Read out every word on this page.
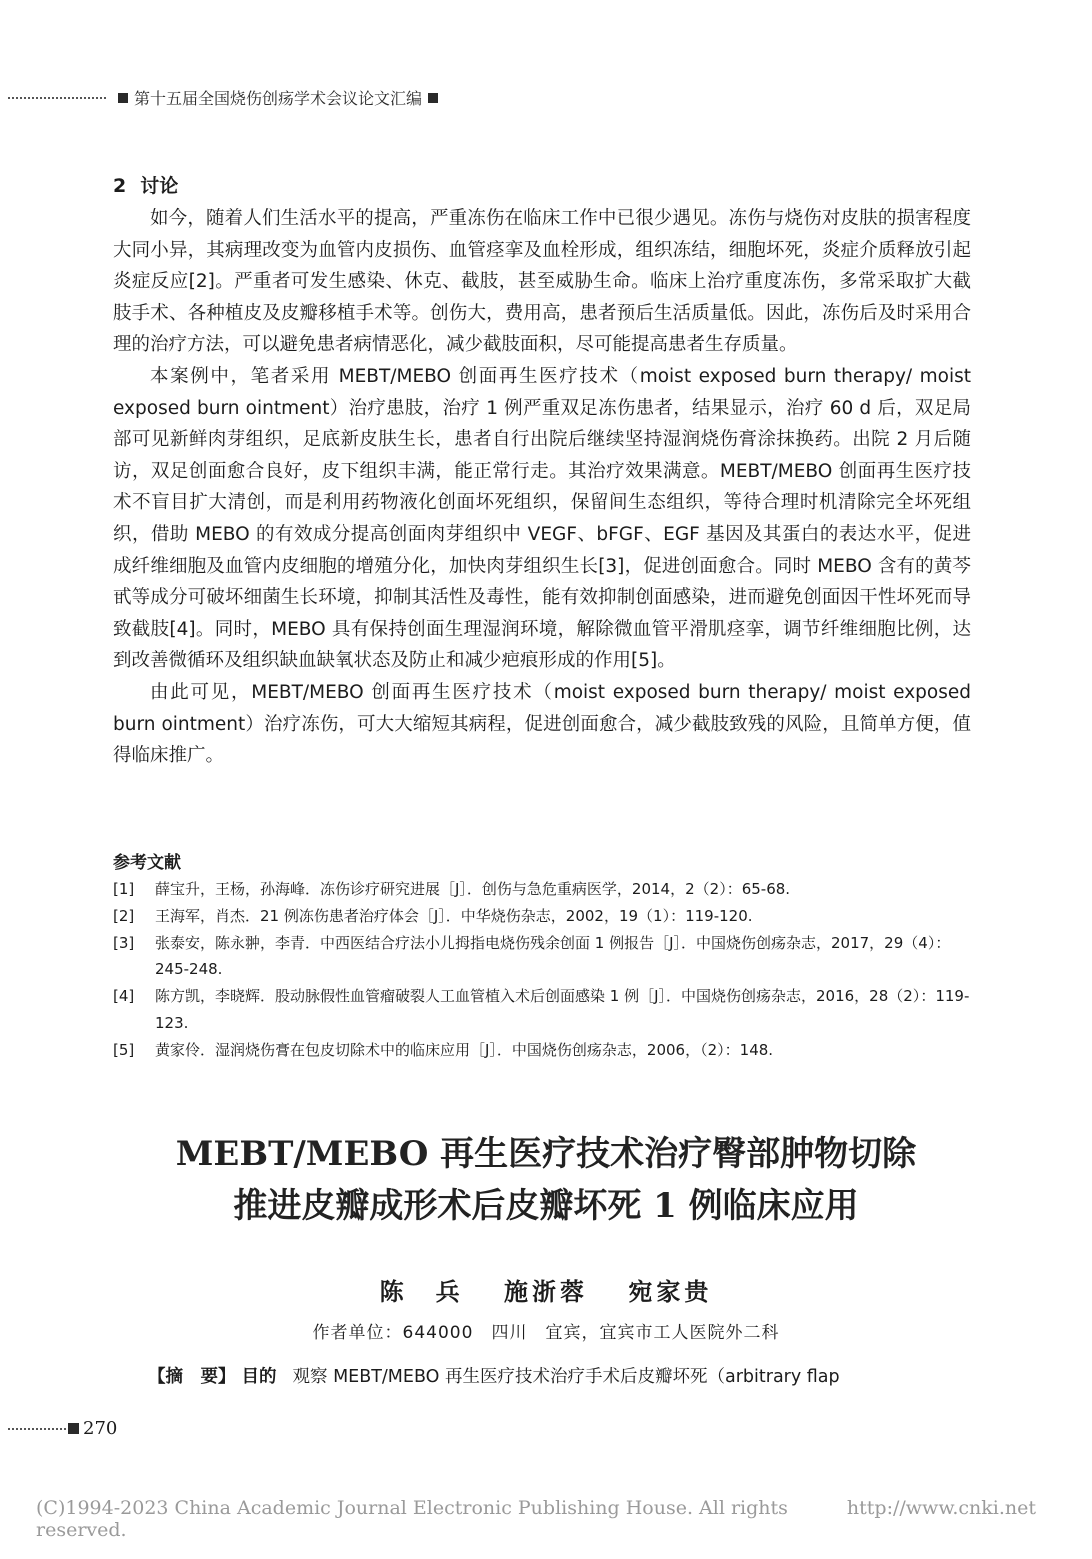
第十五届全国烧伤创疡学术会议论文汇编
2 讨论

如今，随着人们生活水平的提高，严重冻伤在临床工作中已很少遇见。冻伤与烧伤对皮肤的损害程度大同小异，其病理改变为血管内皮损伤、血管痉挛及血栓形成，组织冻结，细胞坏死，炎症介质释放引起炎症反应[2]。严重者可发生感染、休克、截肢，甚至威胁生命。临床上治疗重度冻伤，多常采取扩大截肢手术、各种植皮及皮瓣移植手术等。创伤大，费用高，患者预后生活质量低。因此，冻伤后及时采用合理的治疗方法，可以避免患者病情恶化，减少截肢面积，尽可能提高患者生存质量。

本案例中，笔者采用 MEBT/MEBO 创面再生医疗技术（moist exposed burn therapy/ moist exposed burn ointment）治疗患肢，治疗 1 例严重双足冻伤患者，结果显示，治疗 60 d 后，双足局部可见新鲜肉芽组织，足底新皮肤生长，患者自行出院后继续坚持湿润烧伤膏涂抹换药。出院 2 月后随访，双足创面愈合良好，皮下组织丰满，能正常行走。其治疗效果满意。MEBT/MEBO 创面再生医疗技术不盲目扩大清创，而是利用药物液化创面坏死组织，保留间生态组织，等待合理时机清除完全坏死组织，借助 MEBO 的有效成分提高创面肉芽组织中 VEGF、bFGF、EGF 基因及其蛋白的表达水平，促进成纤维细胞及血管内皮细胞的增殖分化，加快肉芽组织生长[3]，促进创面愈合。同时 MEBO 含有的黄芩甙等成分可破坏细菌生长环境，抑制其活性及毒性，能有效抑制创面感染，进而避免创面因干性坏死而导致截肢[4]。同时，MEBO 具有保持创面生理湿润环境，解除微血管平滑肌痉挛，调节纤维细胞比例，达到改善微循环及组织缺血缺氧状态及防止和减少疤痕形成的作用[5]。

由此可见，MEBT/MEBO 创面再生医疗技术（moist exposed burn therapy/ moist exposed burn ointment）治疗冻伤，可大大缩短其病程，促进创面愈合，减少截肢致残的风险，且简单方便，值得临床推广。

参考文献
[1]	薛宝升，王杨，孙海峰．冻伤诊疗研究进展［J］．创伤与急危重病医学，2014，2（2）：65-68.
[2]	王海军，肖杰．21 例冻伤患者治疗体会［J］．中华烧伤杂志，2002，19（1）：119-120.
[3]	张泰安，陈永翀，李青．中西医结合疗法小儿拇指电烧伤残余创面 1 例报告［J］．中国烧伤创疡杂志，2017，29（4）：245-248.
[4]	陈方凯，李晓辉．股动脉假性血管瘤破裂人工血管植入术后创面感染 1 例［J］．中国烧伤创疡杂志，2016，28（2）：119-123.
[5]	黄家伶．湿润烧伤膏在包皮切除术中的临床应用［J］．中国烧伤创疡杂志，2006，（2）：148.
MEBT/MEBO 再生医疗技术治疗臀部肿物切除
推进皮瓣成形术后皮瓣坏死 1 例临床应用
陈　兵 施浙蓉 宛家贵
作者单位：644000　四川　宜宾，宜宾市工人医院外二科
【摘　要】 目的 观察 MEBT/MEBO 再生医疗技术治疗手术后皮瓣坏死（arbitrary flap
270
(C)1994-2023 China Academic Journal Electronic Publishing House. All rights reserved.
http://www.cnki.net
